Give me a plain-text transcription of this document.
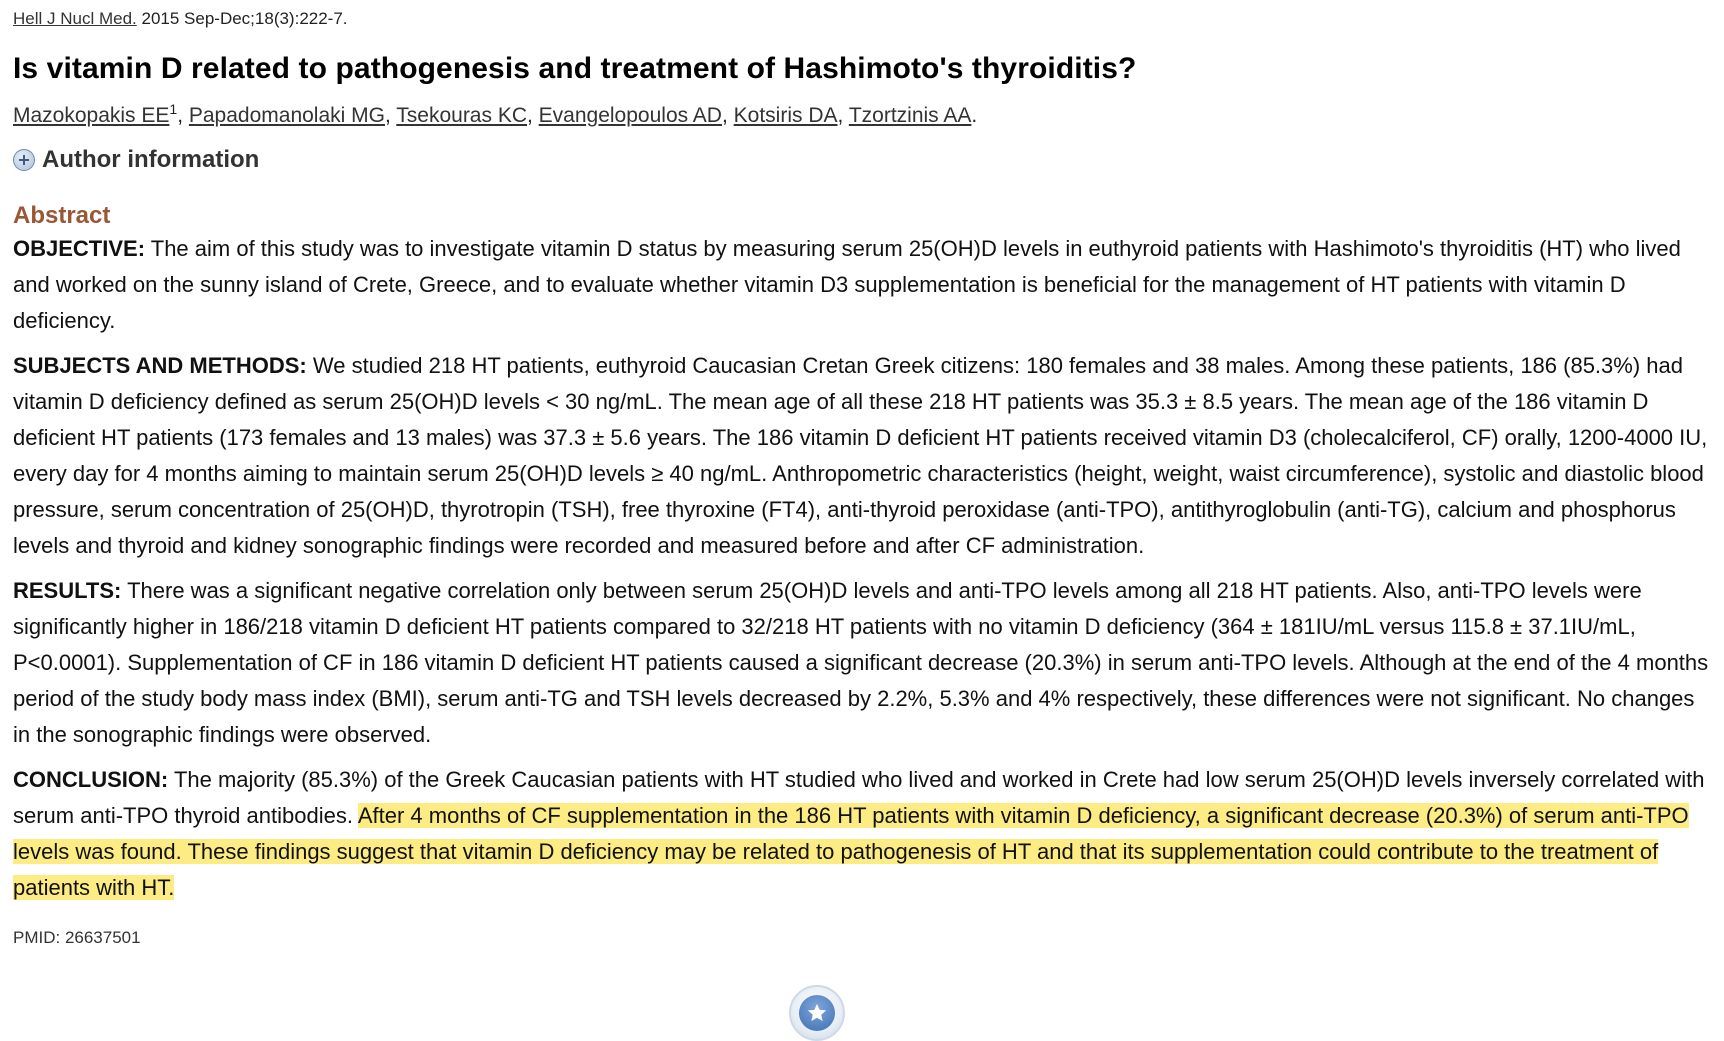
Hell J Nucl Med. 2015 Sep-Dec;18(3):222-7.
Is vitamin D related to pathogenesis and treatment of Hashimoto's thyroiditis?
Mazokopakis $EE^1$, Papadomanolaki MG, Tsekouras KC, Evangelopoulos AD, Kotsiris DA, Tzortzinis AA.
Author information
Abstract

OBJECTIVE: The aim of this study was to investigate vitamin D status by measuring serum 25(OH)D levels in euthyroid patients with Hashimoto's thyroiditis (HT) who lived and worked on the sunny island of Crete, Greece, and to evaluate whether vitamin D3 supplementation is beneficial for the management of HT patients with vitamin D deficiency.

SUBJECTS AND METHODS: We studied 218 HT patients, euthyroid Caucasian Cretan Greek citizens: 180 females and 38 males. Among these patients, 186 (85.3%) had vitamin D deficiency defined as serum 25(OH)D levels < 30 ng/mL. The mean age of all these 218 HT patients was 35.3 ± 8.5 years. The mean age of the 186 vitamin D deficient HT patients (173 females and 13 males) was 37.3 ± 5.6 years. The 186 vitamin D deficient HT patients received vitamin D3 (cholecalciferol, CF) orally, 1200-4000 IU, every day for 4 months aiming to maintain serum 25(OH)D levels ≥ 40 ng/mL. Anthropometric characteristics (height, weight, waist circumference), systolic and diastolic blood pressure, serum concentration of 25(OH)D, thyrotropin (TSH), free thyroxine (FT4), anti-thyroid peroxidase (anti-TPO), antithyroglobulin (anti-TG), calcium and phosphorus levels and thyroid and kidney sonographic findings were recorded and measured before and after CF administration.

RESULTS: There was a significant negative correlation only between serum 25(OH)D levels and anti-TPO levels among all 218 HT patients. Also, anti-TPO levels were significantly higher in 186/218 vitamin D deficient HT patients compared to 32/218 HT patients with no vitamin D deficiency (364 ± 181IU/mL versus 115.8 ± 37.1IU/mL, P<0.0001). Supplementation of CF in 186 vitamin D deficient HT patients caused a significant decrease (20.3%) in serum anti-TPO levels. Although at the end of the 4 months period of the study body mass index (BMI), serum anti-TG and TSH levels decreased by 2.2%, 5.3% and 4% respectively, these differences were not significant. No changes in the sonographic findings were observed.

CONCLUSION: The majority (85.3%) of the Greek Caucasian patients with HT studied who lived and worked in Crete had low serum 25(OH)D levels inversely correlated with serum anti-TPO thyroid antibodies. After 4 months of CF supplementation in the 186 HT patients with vitamin D deficiency, a significant decrease (20.3%) of serum anti-TPO levels was found. These findings suggest that vitamin D deficiency may be related to pathogenesis of HT and that its supplementation could contribute to the treatment of patients with HT.

PMID: 26637501
